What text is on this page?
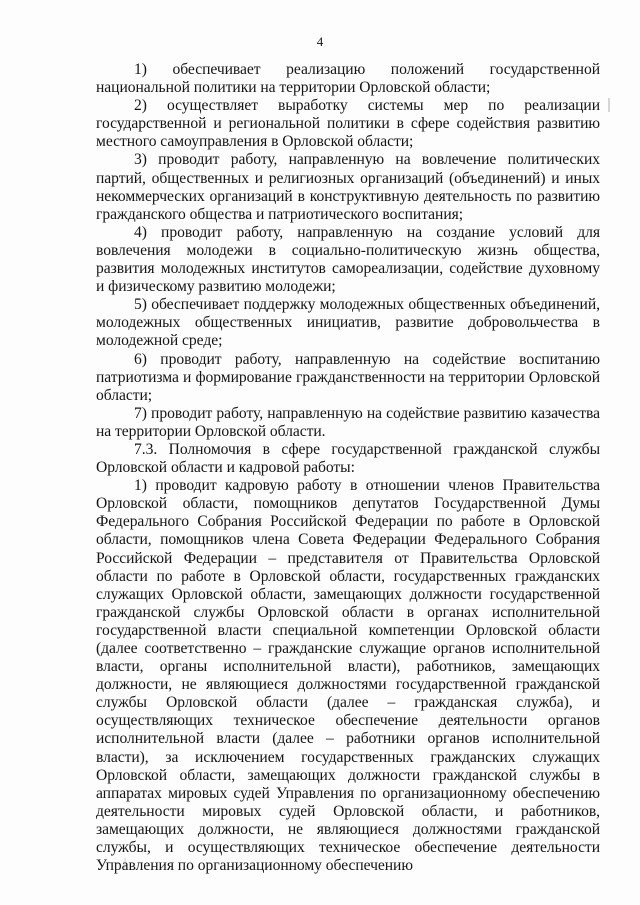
4

1) обеспечивает реализацию положений государственной национальной политики на территории Орловской области;

2) осуществляет выработку системы мер по реализации государственной и региональной политики в сфере содействия развитию местного самоуправления в Орловской области;

3) проводит работу, направленную на вовлечение политических партий, общественных и религиозных организаций (объединений) и иных некоммерческих организаций в конструктивную деятельность по развитию гражданского общества и патриотического воспитания;

4) проводит работу, направленную на создание условий для вовлечения молодежи в социально-политическую жизнь общества, развития молодежных институтов самореализации, содействие духовному и физическому развитию молодежи;

5) обеспечивает поддержку молодежных общественных объединений, молодежных общественных инициатив, развитие добровольчества в молодежной среде;

6) проводит работу, направленную на содействие воспитанию патриотизма и формирование гражданственности на территории Орловской области;

7) проводит работу, направленную на содействие развитию казачества на территории Орловской области.

7.3. Полномочия в сфере государственной гражданской службы Орловской области и кадровой работы:

1) проводит кадровую работу в отношении членов Правительства Орловской области, помощников депутатов Государственной Думы Федерального Собрания Российской Федерации по работе в Орловской области, помощников члена Совета Федерации Федерального Собрания Российской Федерации – представителя от Правительства Орловской области по работе в Орловской области, государственных гражданских служащих Орловской области, замещающих должности государственной гражданской службы Орловской области в органах исполнительной государственной власти специальной компетенции Орловской области (далее соответственно – гражданские служащие органов исполнительной власти, органы исполнительной власти), работников, замещающих должности, не являющиеся должностями государственной гражданской службы Орловской области (далее – гражданская служба), и осуществляющих техническое обеспечение деятельности органов исполнительной власти (далее – работники органов исполнительной власти), за исключением государственных гражданских служащих Орловской области, замещающих должности гражданской службы в аппаратах мировых судей Управления по организационному обеспечению деятельности мировых судей Орловской области, и работников, замещающих должности, не являющиеся должностями гражданской службы, и осуществляющих техническое обеспечение деятельности Управления по организационному обеспечению
